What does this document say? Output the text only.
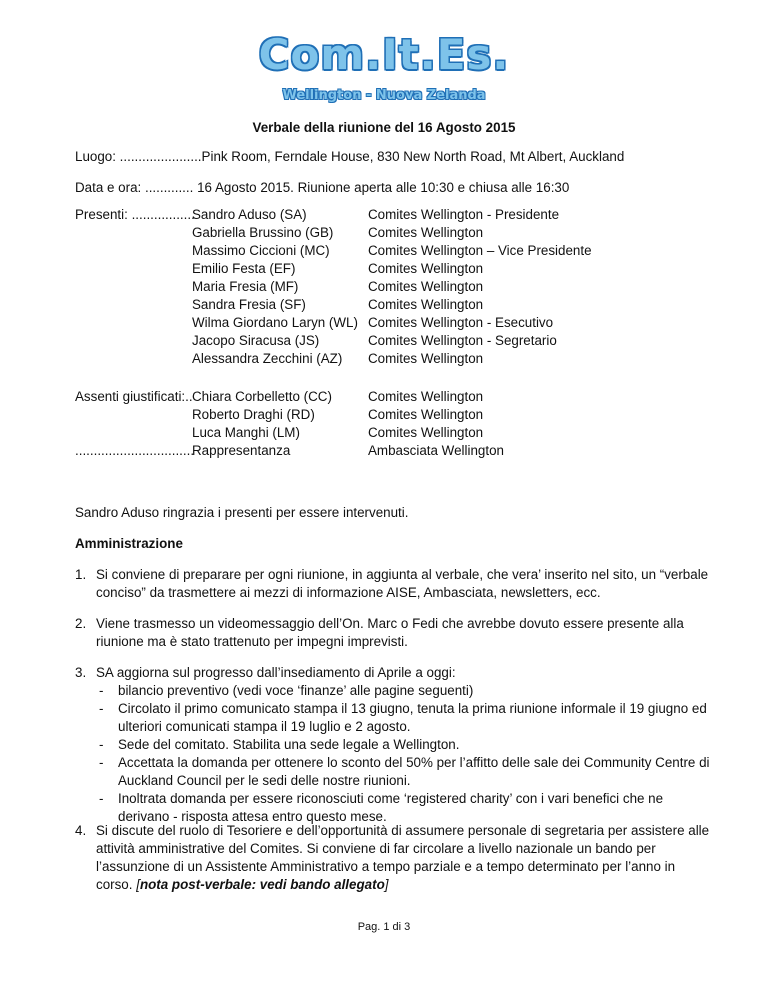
Com.It.Es.
Wellington - Nuova Zelanda
Verbale della riunione del 16 Agosto 2015
Luogo: ......................Pink Room, Ferndale House, 830 New North Road, Mt Albert, Auckland
Data e ora: ............. 16 Agosto 2015. Riunione aperta alle 10:30 e chiusa alle 16:30
Presenti: .................
Sandro Aduso (SA)	Comites Wellington - Presidente
Gabriella Brussino (GB)	Comites Wellington
Massimo Ciccioni (MC)	Comites Wellington – Vice Presidente
Emilio Festa (EF)	Comites Wellington
Maria Fresia (MF)	Comites Wellington
Sandra Fresia (SF)	Comites Wellington
Wilma Giordano Laryn (WL) Comites Wellington - Esecutivo
Jacopo Siracusa (JS)	Comites Wellington - Segretario
Alessandra Zecchini (AZ) Comites Wellington
Assenti giustificati:.. Chiara Corbelletto (CC)	Comites Wellington
Roberto Draghi (RD)	Comites Wellington
Luca Manghi (LM)	Comites Wellington
................................
Rappresentanza	Ambasciata Wellington
Sandro Aduso ringrazia i presenti per essere intervenuti.
Amministrazione
1. Si conviene di preparare per ogni riunione, in aggiunta al verbale, che vera’ inserito nel sito, un “verbale conciso” da trasmettere ai mezzi di informazione AISE, Ambasciata, newsletters, ecc.
2. Viene trasmesso un videomessaggio dell’On. Marc o Fedi che avrebbe dovuto essere presente alla riunione ma è stato trattenuto per impegni imprevisti.
3. SA aggiorna sul progresso dall’insediamento di Aprile a oggi:
- bilancio preventivo (vedi voce ‘finanze’ alle pagine seguenti)
- Circolato il primo comunicato stampa il 13 giugno, tenuta la prima riunione informale il 19 giugno ed ulteriori comunicati stampa il 19 luglio e 2 agosto.
- Sede del comitato. Stabilita una sede legale a Wellington.
- Accettata la domanda per ottenere lo sconto del 50% per l’affitto delle sale dei Community Centre di Auckland Council per le sedi delle nostre riunioni.
- Inoltrata domanda per essere riconosciuti come ‘registered charity’ con i vari benefici che ne derivano - risposta attesa entro questo mese.
4. Si discute del ruolo di Tesoriere e dell’opportunità di assumere personale di segretaria per assistere alle attività amministrative del Comites. Si conviene di far circolare a livello nazionale un bando per l’assunzione di un Assistente Amministrativo a tempo parziale e a tempo determinato per l’anno in corso. [nota post-verbale: vedi bando allegato]
Pag. 1 di 3
